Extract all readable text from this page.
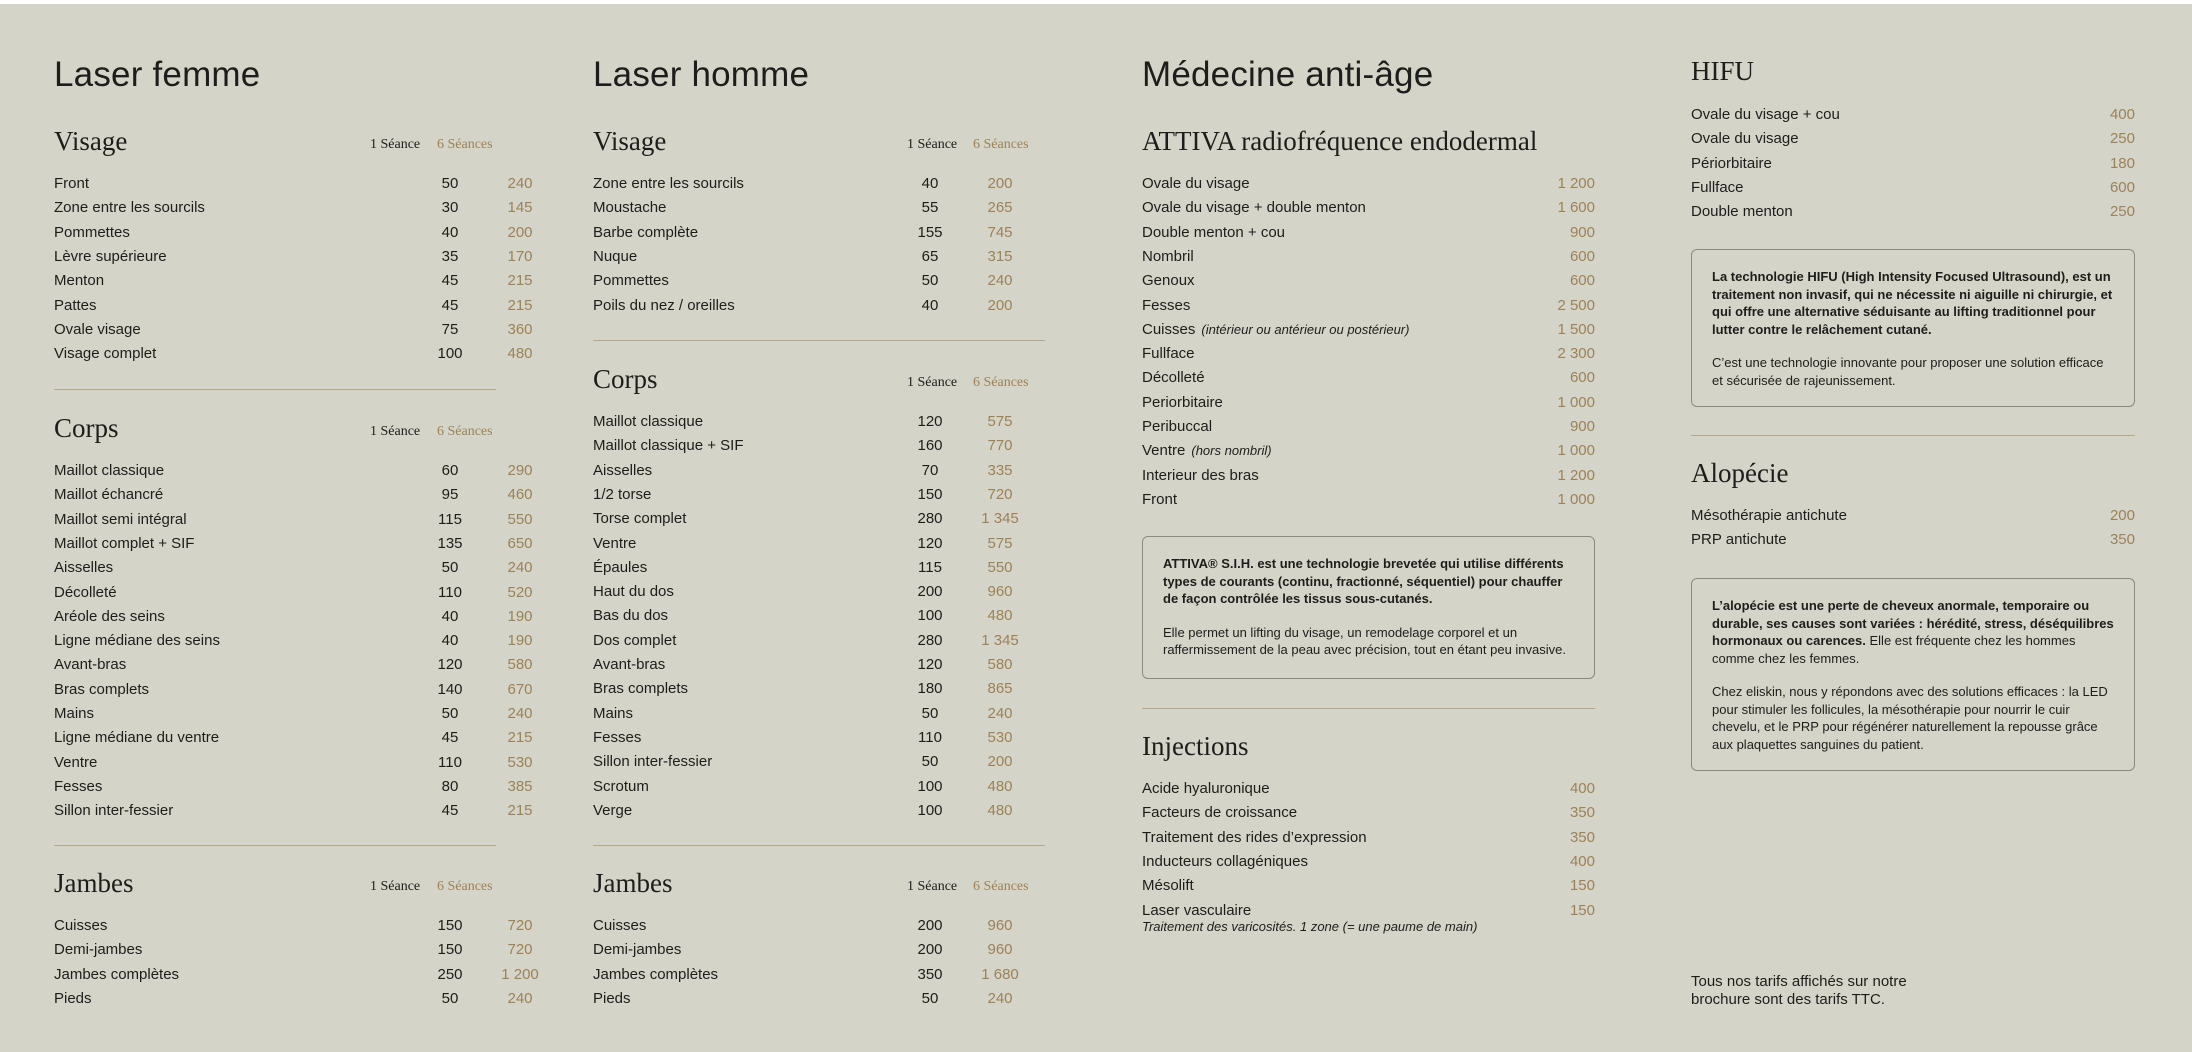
Laser femme
Visage	1 Séance 6 Séances
Front	50	240
Zone entre les sourcils	30	145
Pommettes	40	200
Lèvre supérieure	35	170
Menton	45	215
Pattes	45	215
Ovale visage	75	360
Visage complet	100	480
Corps	1 Séance 6 Séances
Maillot classique	60	290
Maillot échancré	95	460
Maillot semi intégral	115	550
Maillot complet + SIF	135	650
Aisselles	50	240
Décolleté	110	520
Aréole des seins	40	190
Ligne médiane des seins	40	190
Avant-bras	120	580
Bras complets	140	670
Mains	50	240
Ligne médiane du ventre	45	215
Ventre	110	530
Fesses	80	385
Sillon inter-fessier	45	215
Jambes	1 Séance 6 Séances
Cuisses	150	720
Demi-jambes	150	720
Jambes complètes	250	1 200
Pieds	50	240
Laser homme
Visage	1 Séance 6 Séances
Zone entre les sourcils	40	200
Moustache	55	265
Barbe complète	155	745
Nuque	65	315
Pommettes	50	240
Poils du nez / oreilles	40	200
Corps	1 Séance 6 Séances
Maillot classique	120	575
Maillot classique + SIF	160	770
Aisselles	70	335
1/2 torse	150	720
Torse complet	280	1 345
Ventre	120	575
Épaules	115	550
Haut du dos	200	960
Bas du dos	100	480
Dos complet	280	1 345
Avant-bras	120	580
Bras complets	180	865
Mains	50	240
Fesses	110	530
Sillon inter-fessier	50	200
Scrotum	100	480
Verge	100	480
Jambes	1 Séance 6 Séances
Cuisses	200	960
Demi-jambes	200	960
Jambes complètes	350	1 680
Pieds	50	240
Médecine anti-âge
ATTIVA radiofréquence endodermal
Ovale du visage	1 200
Ovale du visage + double menton	1 600
Double menton + cou	900
Nombril	600
Genoux	600
Fesses	2 500
Cuisses (intérieur ou antérieur ou postérieur)	1 500
Fullface	2 300
Décolleté	600
Periorbitaire	1 000
Peribuccal	900
Ventre (hors nombril)	1 000
Interieur des bras	1 200
Front	1 000

ATTIVA® S.I.H. est une technologie brevetée qui utilise différents types de courants (continu, fractionné, séquentiel) pour chauffer de façon contrôlée les tissus sous-cutanés.

Elle permet un lifting du visage, un remodelage corporel et un raffermissement de la peau avec précision, tout en étant peu invasive.

Injections
Acide hyaluronique	400
Facteurs de croissance	350
Traitement des rides d’expression	350
Inducteurs collagéniques	400
Mésolift	150
Laser vasculaire	150
Traitement des varicosités. 1 zone (= une paume de main)
HIFU
Ovale du visage + cou	400
Ovale du visage	250
Périorbitaire	180
Fullface	600
Double menton	250

La technologie HIFU (High Intensity Focused Ultrasound), est un traitement non invasif, qui ne nécessite ni aiguille ni chirurgie, et qui offre une alternative séduisante au lifting traditionnel pour lutter contre le relâchement cutané.

C’est une technologie innovante pour proposer une solution efficace et sécurisée de rajeunissement.

Alopécie
Mésothérapie antichute	200
PRP antichute	350

L’alopécie est une perte de cheveux anormale, temporaire ou durable, ses causes sont variées : hérédité, stress, déséquilibres hormonaux ou carences. Elle est fréquente chez les hommes comme chez les femmes.

Chez eliskin, nous y répondons avec des solutions efficaces : la LED pour stimuler les follicules, la mésothérapie pour nourrir le cuir chevelu, et le PRP pour régénérer naturellement la repousse grâce aux plaquettes sanguines du patient.

Tous nos tarifs affichés sur notre
brochure sont des tarifs TTC.
